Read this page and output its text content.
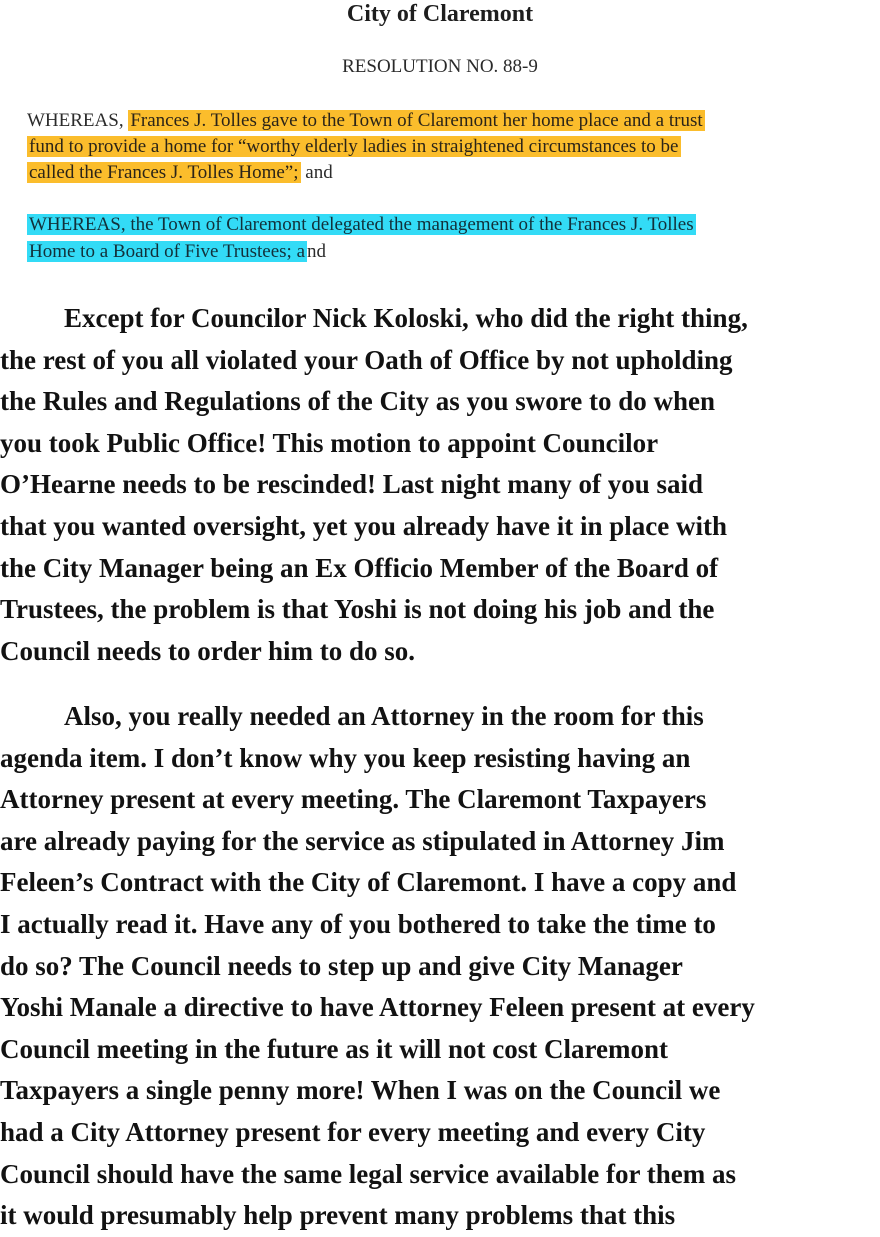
City of Claremont
RESOLUTION NO. 88-9
WHEREAS, Frances J. Tolles gave to the Town of Claremont her home place and a trust
fund to provide a home for “worthy elderly ladies in straightened circumstances to be
called the Frances J. Tolles Home”; and
WHEREAS, the Town of Claremont delegated the management of the Frances J. Tolles
Home to a Board of Five Trustees; a nd
Except for Councilor Nick Koloski, who did the right thing,
the rest of you all violated your Oath of Office by not upholding
the Rules and Regulations of the City as you swore to do when
you took Public Office! This motion to appoint Councilor
O’Hearne needs to be rescinded! Last night many of you said
that you wanted oversight, yet you already have it in place with
the City Manager being an Ex Officio Member of the Board of
Trustees, the problem is that Yoshi is not doing his job and the
Council needs to order him to do so.
Also, you really needed an Attorney in the room for this
agenda item. I don’t know why you keep resisting having an
Attorney present at every meeting. The Claremont Taxpayers
are already paying for the service as stipulated in Attorney Jim
Feleen’s Contract with the City of Claremont. I have a copy and
I actually read it. Have any of you bothered to take the time to
do so? The Council needs to step up and give City Manager
Yoshi Manale a directive to have Attorney Feleen present at every
Council meeting in the future as it will not cost Claremont
Taxpayers a single penny more! When I was on the Council we
had a City Attorney present for every meeting and every City
Council should have the same legal service available for them as
it would presumably help prevent many problems that this
